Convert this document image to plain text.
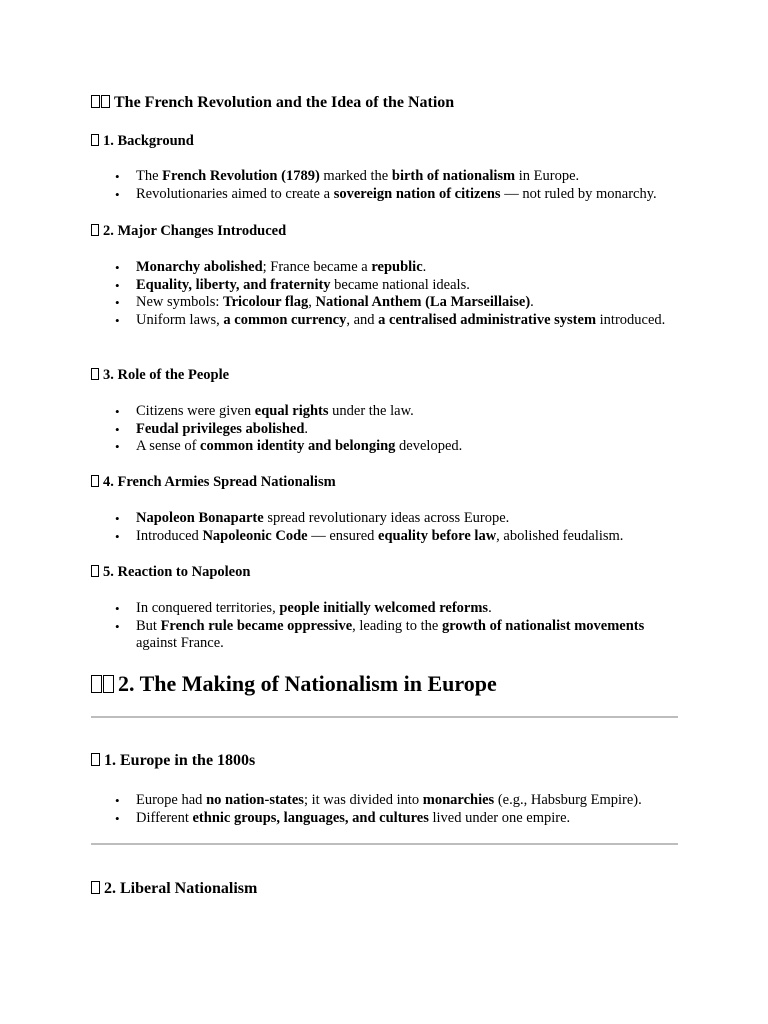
The French Revolution and the Idea of the Nation
1. Background
• The French Revolution (1789) marked the birth of nationalism in Europe.
• Revolutionaries aimed to create a sovereign nation of citizens — not ruled by monarchy.
2. Major Changes Introduced
• Monarchy abolished; France became a republic.
• Equality, liberty, and fraternity became national ideals.
• New symbols: Tricolour flag, National Anthem (La Marseillaise).
• Uniform laws, a common currency, and a centralised administrative system introduced.
3. Role of the People
• Citizens were given equal rights under the law.
• Feudal privileges abolished.
• A sense of common identity and belonging developed.
4. French Armies Spread Nationalism
• Napoleon Bonaparte spread revolutionary ideas across Europe.
• Introduced Napoleonic Code — ensured equality before law, abolished feudalism.
5. Reaction to Napoleon
• In conquered territories, people initially welcomed reforms.
• But French rule became oppressive, leading to the growth of nationalist movements against France.
2. The Making of Nationalism in Europe
1. Europe in the 1800s
• Europe had no nation-states; it was divided into monarchies (e.g., Habsburg Empire).
• Different ethnic groups, languages, and cultures lived under one empire.
2. Liberal Nationalism
